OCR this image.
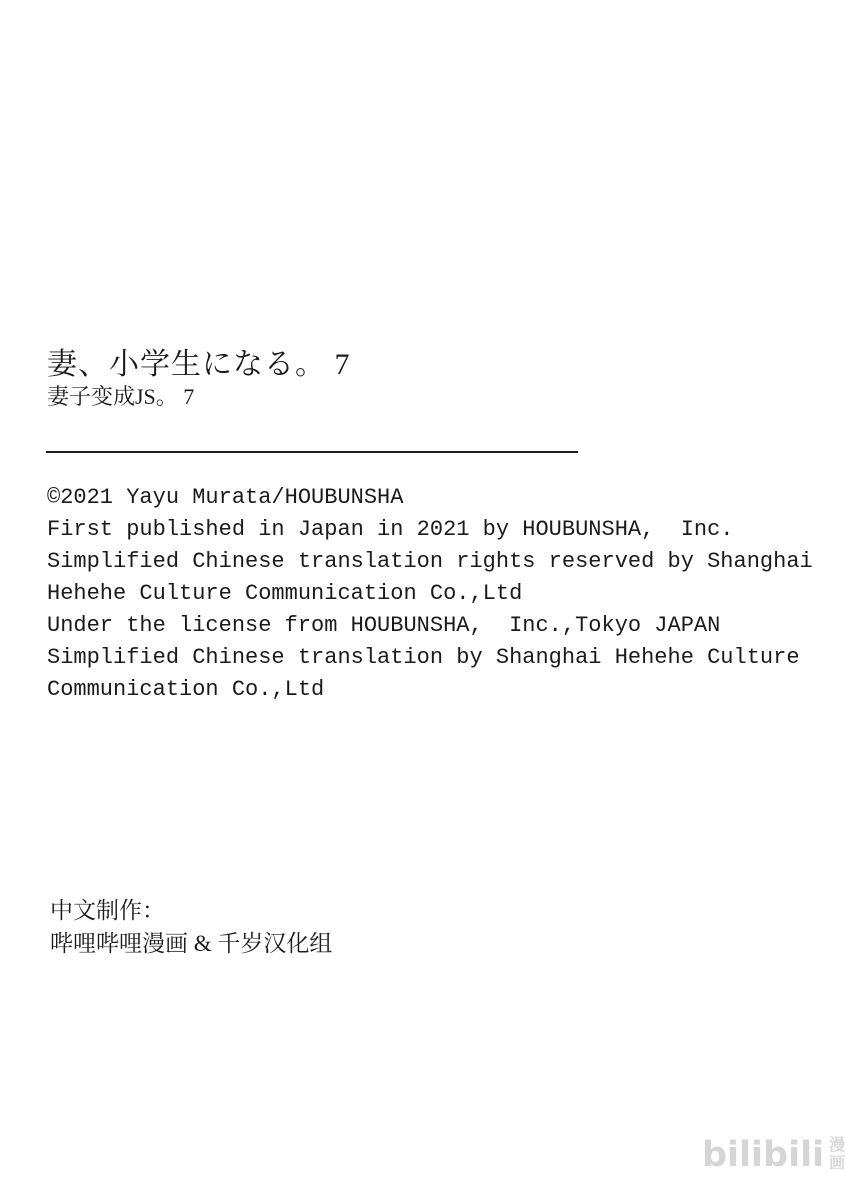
妻、小学生になる。 7
妻子变成JS。 7
©2021 Yayu Murata/HOUBUNSHA
First published in Japan in 2021 by HOUBUNSHA,  Inc.
Simplified Chinese translation rights reserved by Shanghai
Hehehe Culture Communication Co.,Ltd
Under the license from HOUBUNSHA,  Inc.,Tokyo JAPAN
Simplified Chinese translation by Shanghai Hehehe Culture
Communication Co.,Ltd
中文制作：
哔哩哔哩漫画 & 千岁汉化组
bilibili 漫
画
